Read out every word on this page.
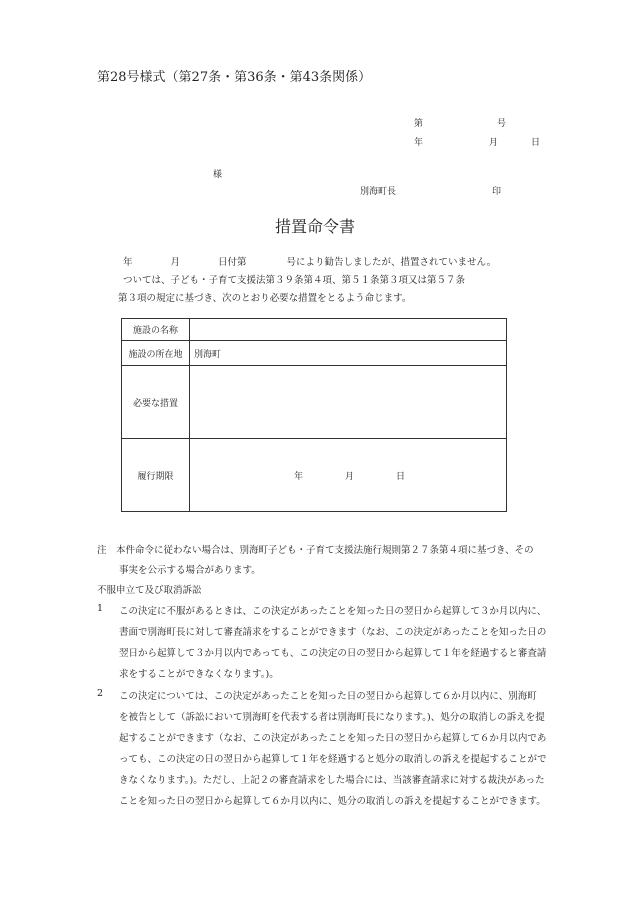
第28号様式（第27条・第36条・第43条関係）
第	号
年	月	日
様
別海町長	印
措置命令書
年	月	日付第	号により勧告しましたが、措置されていません。
ついては、子ども・子育て支援法第３９条第４項、第５１条第３項又は第５７条
第３項の規定に基づき、次のとおり必要な措置をとるよう命じます。
施設の名称	
施設の所在地	別海町
必要な措置	
履行期限	年 月 日
注　本件命令に従わない場合は、別海町子ども・子育て支援法施行規則第２７条第４項に基づき、その
事実を公示する場合があります。
不服申立て及び取消訴訟
1 この決定に不服があるときは、この決定があったことを知った日の翌日から起算して３か月以内に、
書面で別海町長に対して審査請求をすることができます（なお、この決定があったことを知った日の
翌日から起算して３か月以内であっても、この決定の日の翌日から起算して１年を経過すると審査請
求をすることができなくなります。)。
2 この決定については、この決定があったことを知った日の翌日から起算して６か月以内に、別海町
を被告として（訴訟において別海町を代表する者は別海町長になります。)、処分の取消しの訴えを提
起することができます（なお、この決定があったことを知った日の翌日から起算して６か月以内であ
っても、この決定の日の翌日から起算して１年を経過すると処分の取消しの訴えを提起することがで
きなくなります。)。ただし、上記２の審査請求をした場合には、当該審査請求に対する裁決があった
ことを知った日の翌日から起算して６か月以内に、処分の取消しの訴えを提起することができます。
